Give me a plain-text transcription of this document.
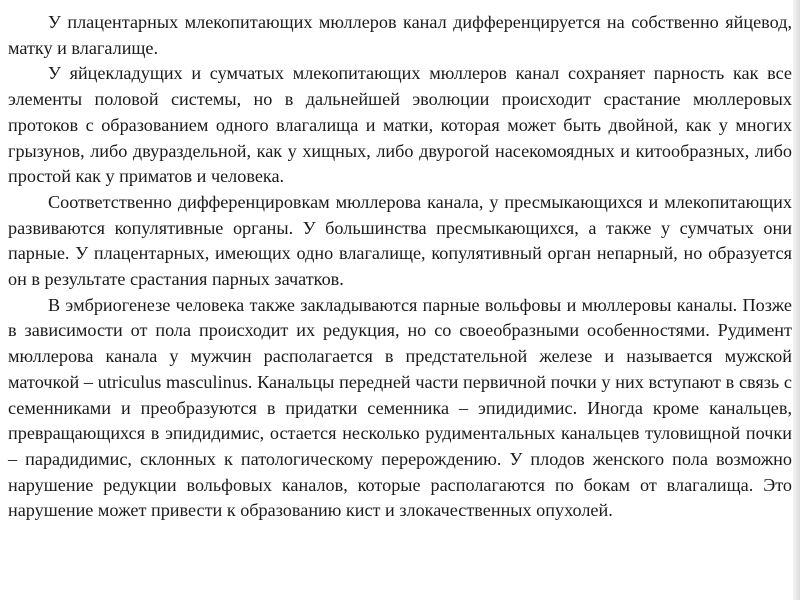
У плацентарных млекопитающих мюллеров канал дифференцируется на собственно яйцевод, матку и влагалище.

У яйцекладущих и сумчатых млекопитающих мюллеров канал сохраняет парность как все элементы половой системы, но в дальнейшей эволюции происходит срастание мюллеровых протоков с образованием одного влагалища и матки, которая может быть двойной, как у многих грызунов, либо двураздельной, как у хищных, либо двурогой насекомоядных и китообразных, либо простой как у приматов и человека.

Соответственно дифференцировкам мюллерова канала, у пресмыкающихся и млекопитающих развиваются копулятивные органы. У большинства пресмыкающихся, а также у сумчатых они парные. У плацентарных, имеющих одно влагалище, копулятивный орган непарный, но образуется он в результате срастания парных зачатков.

В эмбриогенезе человека также закладываются парные вольфовы и мюллеровы каналы. Позже в зависимости от пола происходит их редукция, но со своеобразными особенностями. Рудимент мюллерова канала у мужчин располагается в предстательной железе и называется мужской маточкой – utriculus masculinus. Канальцы передней части первичной почки у них вступают в связь с семенниками и преобразуются в придатки семенника – эпидидимис. Иногда кроме канальцев, превращающихся в эпидидимис, остается несколько рудиментальных канальцев туловищной почки – парадидимис, склонных к патологическому перерождению. У плодов женского пола возможно нарушение редукции вольфовых каналов, которые располагаются по бокам от влагалища. Это нарушение может привести к образованию кист и злокачественных опухолей.
